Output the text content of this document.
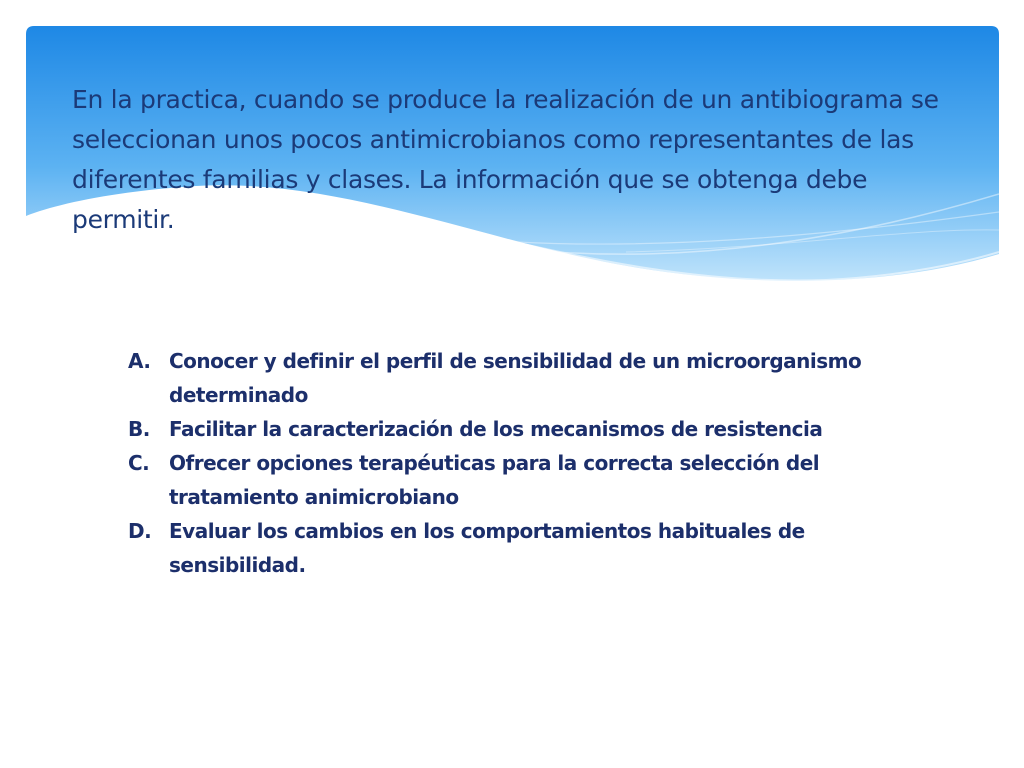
En la practica, cuando se produce la realización de un antibiograma se seleccionan unos pocos antimicrobianos como representantes de las diferentes familias y clases. La información que se obtenga debe permitir.

A. Conocer y definir el perfil de sensibilidad de un microorganismo determinado
B. Facilitar la caracterización de los mecanismos de resistencia
C. Ofrecer opciones terapéuticas para la correcta selección del tratamiento animicrobiano
D. Evaluar los cambios en los comportamientos habituales de sensibilidad.
